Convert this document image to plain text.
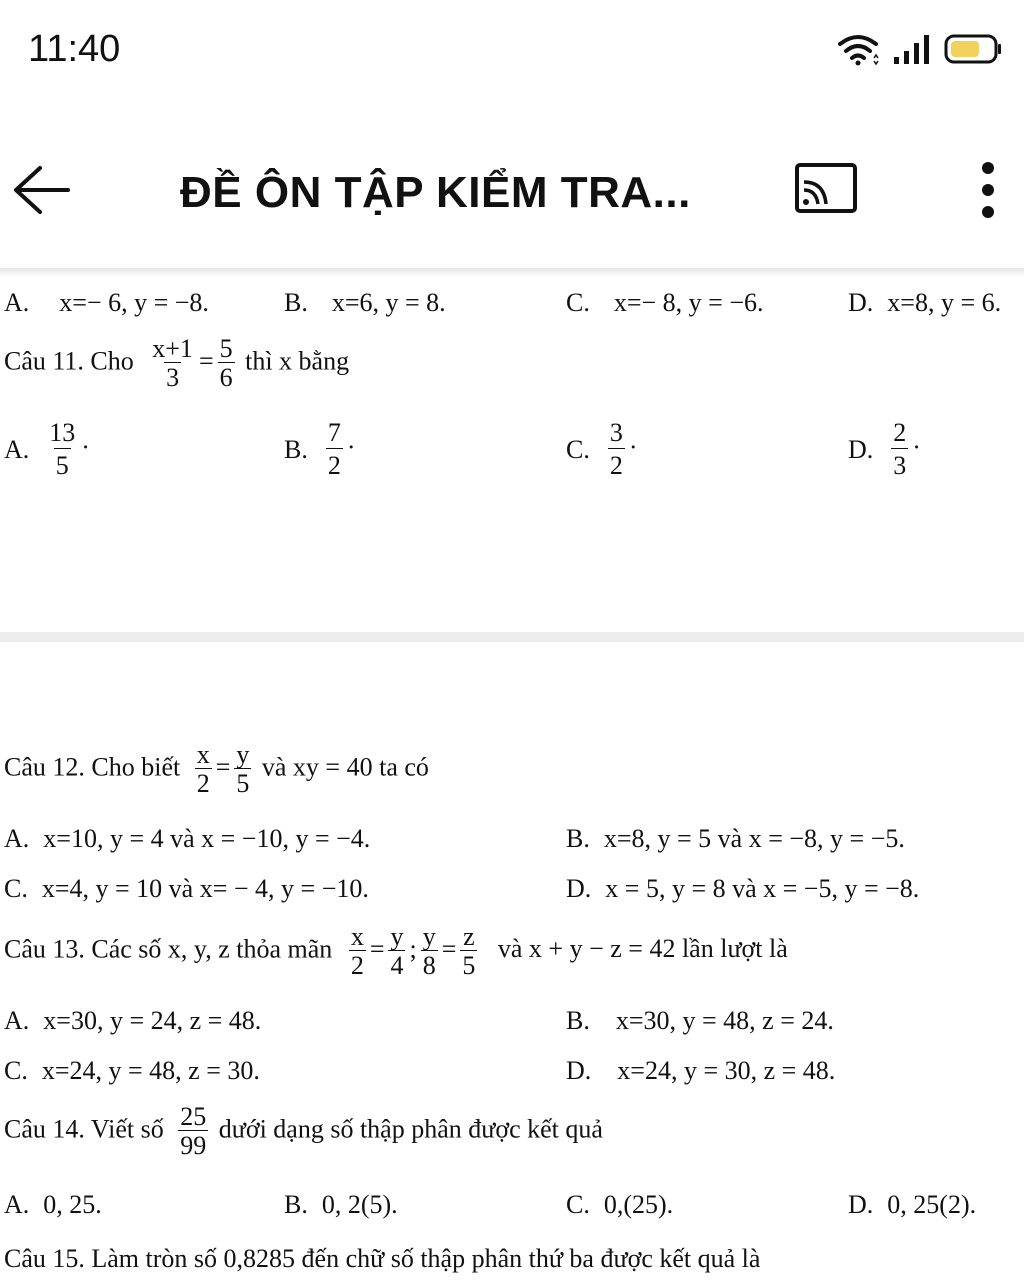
11:40
ĐỀ ÔN TẬP KIỂM TRA...
A. x=− 6, y = −8.	B. x=6, y = 8.	C. x=− 8, y = −6.	D. x=8, y = 6.
Câu 11. Cho $\frac{x+1}{3} = \frac{5}{6}$ thì x bằng
A. $\frac{13}{5}$ ·	B. $\frac{7}{2}$ ·	C. $\frac{3}{2}$ ·	D. $\frac{2}{3}$ ·
Câu 12. Cho biết $\frac{x}{2} = \frac{y}{5}$ và xy = 40 ta có
A. x=10, y = 4 và x = −10, y = −4.	B. x=8, y = 5 và x = −8, y = −5.
C. x=4, y = 10 và x= − 4, y = −10.	D. x = 5, y = 8 và x = −5, y = −8.
Câu 13. Các số x, y, z thỏa mãn $\frac{x}{2} = \frac{y}{4}$ ; $\frac{y}{8} = \frac{z}{5}$ và x + y − z = 42 lần lượt là
A. x=30, y = 24, z = 48.	B. x=30, y = 48, z = 24.
C. x=24, y = 48, z = 30.	D. x=24, y = 30, z = 48.
Câu 14. Viết số $\frac{25}{99}$ dưới dạng số thập phân được kết quả
A. 0, 25.	B. 0, 2(5).	C. 0,(25).	D. 0, 25(2).
Câu 15. Làm tròn số 0,8285 đến chữ số thập phân thứ ba được kết quả là
